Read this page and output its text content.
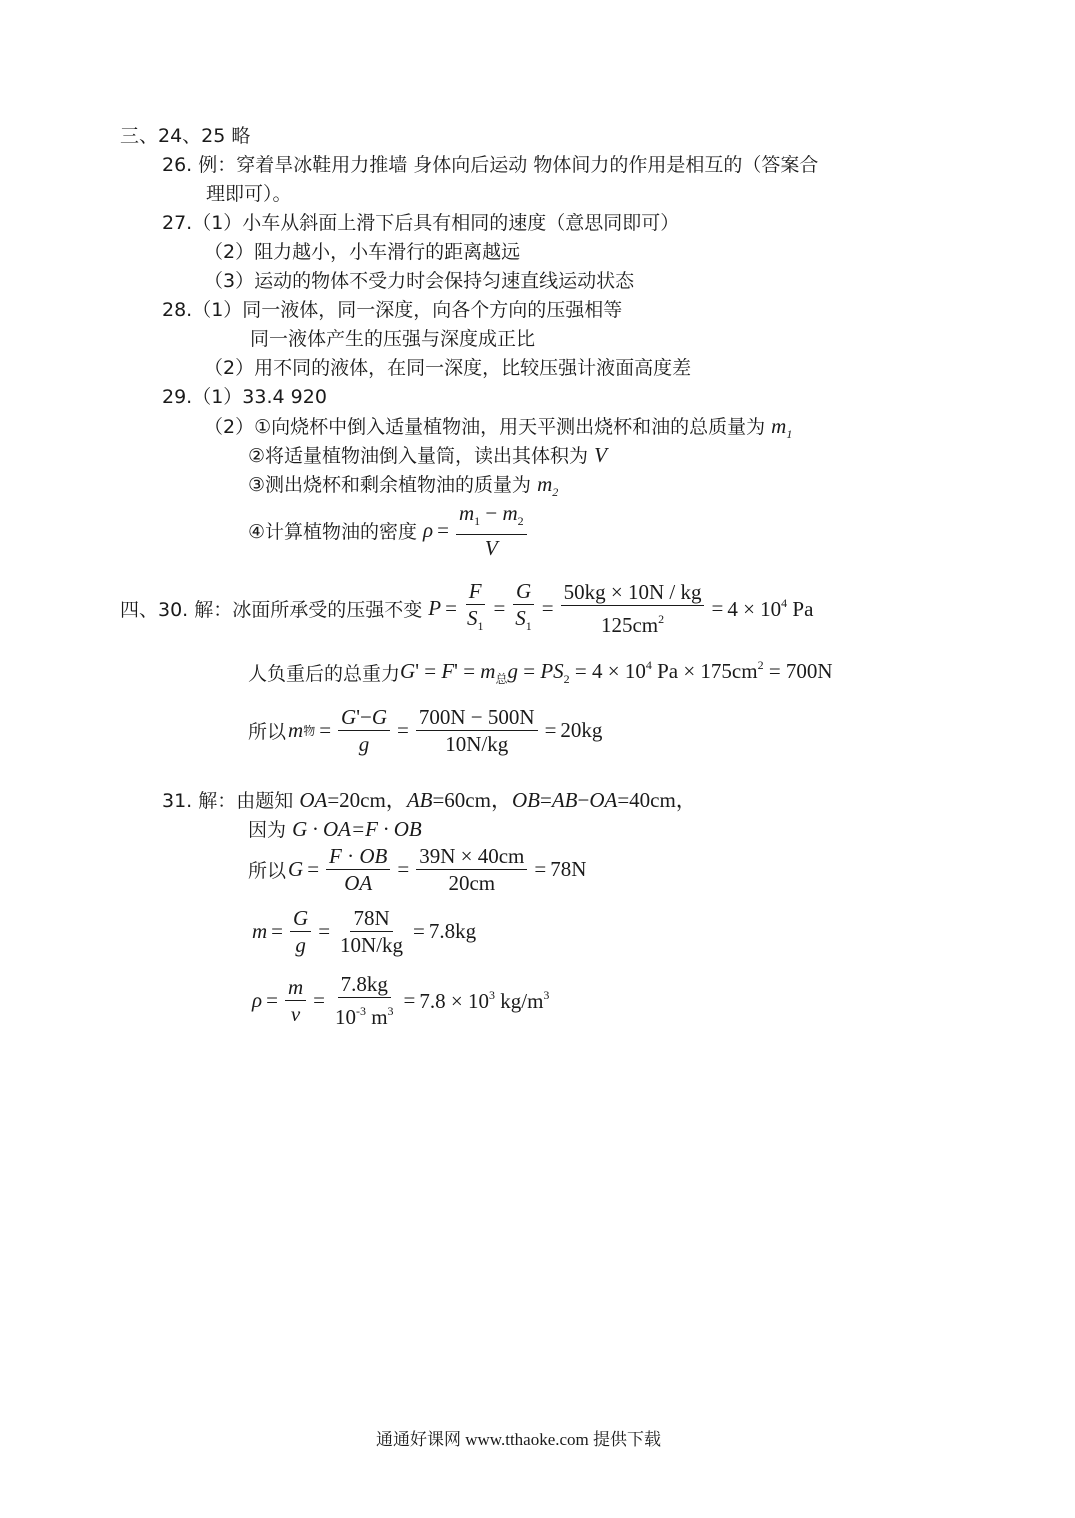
三、24、25 略
26. 例：穿着旱冰鞋用力推墙 身体向后运动 物体间力的作用是相互的（答案合
理即可）。
27.（1）小车从斜面上滑下后具有相同的速度（意思同即可）
（2）阻力越小，小车滑行的距离越远
（3）运动的物体不受力时会保持匀速直线运动状态
28.（1）同一液体，同一深度，向各个方向的压强相等
同一液体产生的压强与深度成正比
（2）用不同的液体，在同一深度，比较压强计液面高度差
29.（1）33.4 920
（2）①向烧杯中倒入适量植物油，用天平测出烧杯和油的总质量为 $m_1$
②将适量植物油倒入量筒，读出其体积为 V
③测出烧杯和剩余植物油的质量为 $m_2$
④计算植物油的密度 $\rho = \frac{m_1 - m_2}{V}$
四、30. 解：冰面所承受的压强不变 $P = \frac{F}{S_1} = \frac{G}{S_1} = \frac{50kg \times 10N / kg}{125cm^2} = 4 \times 10^4$ Pa
人负重后的总重力 $G' = F' = m_总g = PS_2 = 4 \times 10^4$ $Pa \times 175cm^2 = 700N$
所以 m 物 = $\frac{G'-G}{g} = \frac{700N - 500N}{10N/kg} = 20kg$
31. 解：由题知 OA=20cm，AB=60cm，OB=AB−OA=40cm，
因为 G · OA=F · OB
所以 $G = \frac{F \cdot OB}{OA} = \frac{39N \times 40cm}{20cm} = 78N$
$m = \frac{G}{g} = \frac{78N}{10N/kg} = 7.8kg$
$\rho = \frac{m}{v} = \frac{7.8kg}{10^{-3} m^3} = 7.8 \times 10^3$ $kg/m^3$
通通好课网 www.tthaoke.com 提供下载
